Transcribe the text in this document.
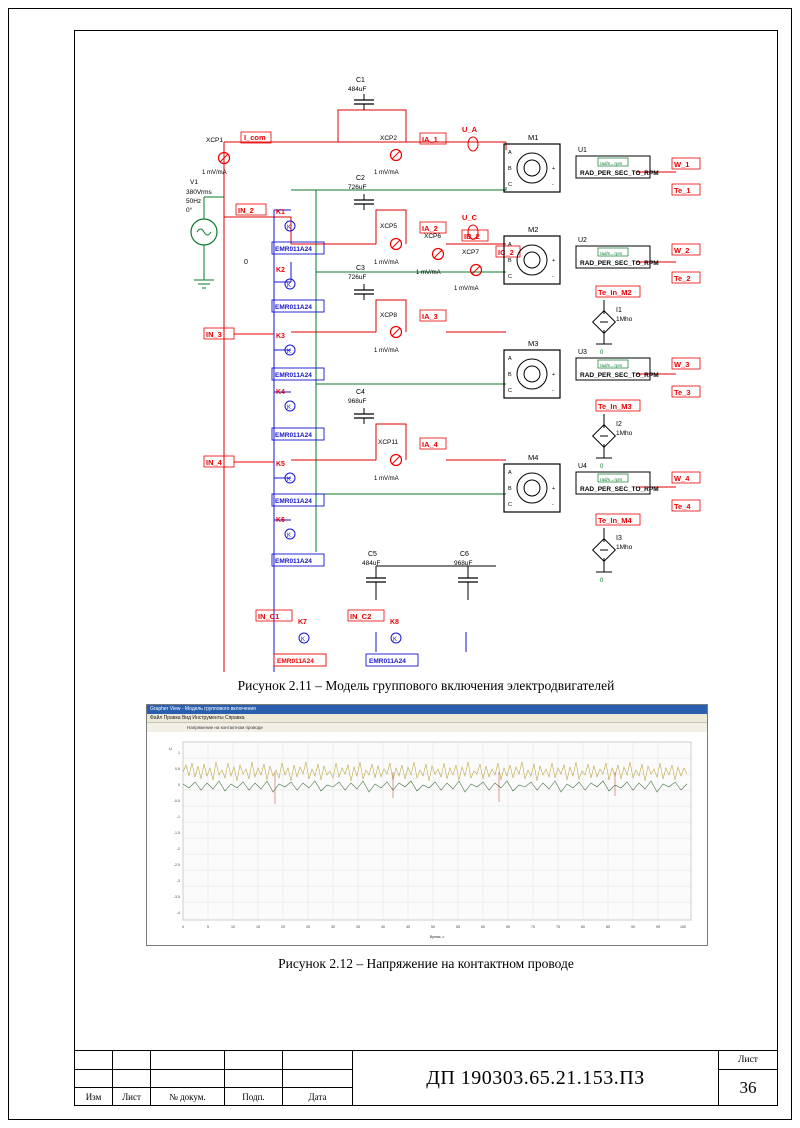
V1
380Vrms
50Hz
0°
0
XCP1
1 mV/mA
I_com
C1
484uF
XCP2
1 mV/mA
IA_1
U_A
C2
726uF
XCP5
1 mV/mA
IA_2
XCP6
1 mV/mA
IB_2
XCP7
1 mV/mA
IC_2
U_C
C3
726uF
XCP8
1 mV/mA
IA_3
C4
968uF
XCP11
1 mV/mA
IA_4
C5
484uF
C6
968uF
IN_2
IN_3
IN_4
IN_C1	IN_C2
K1
K
EMR011A24
K2
K
EMR011A24
K3
K
EMR011A24
K4
K
EMR011A24
K5
K
EMR011A24
K6
K
EMR011A24
K7
K
EMR011A24
K8
K
EMR011A24
M1
A
B
C
+
-
M2
A
B
C
+
-
M3
A
B
C
+
-
M4
A
B
C
+
-
rad/s→rpm
RAD_PER_SEC_TO_RPM
U1
rad/s→rpm
RAD_PER_SEC_TO_RPM
U2
rad/s→rpm
RAD_PER_SEC_TO_RPM
U3
rad/s→rpm
RAD_PER_SEC_TO_RPM
U4
W_1
Te_1
W_2
Te_2
Te_In_M2
W_3
Te_3
Te_In_M3
W_4
Te_4
Te_In_M4
0
I1
1Mho
0
I2
1Mho
0
I3
1Mho
Рисунок 2.11 – Модель группового включения электродвигателей
Grapher View - Модель группового включения
Файл Правка Вид Инструменты Справка
Напряжение на контактном проводе
1
0.5
0
-0.5
-1
-1.5
-2
-2.5
-3
-3.5
-4
0	5	10	15	20	25	30	35	40	45	50	55	60	65	70	75	80	85	90	95	100
U
Время, с
Рисунок 2.12 – Напряжение на контактном проводе
Изм	Лист	№ докум.	Подп.	Дата
ДП 190303.65.21.153.ПЗ
Лист
36
